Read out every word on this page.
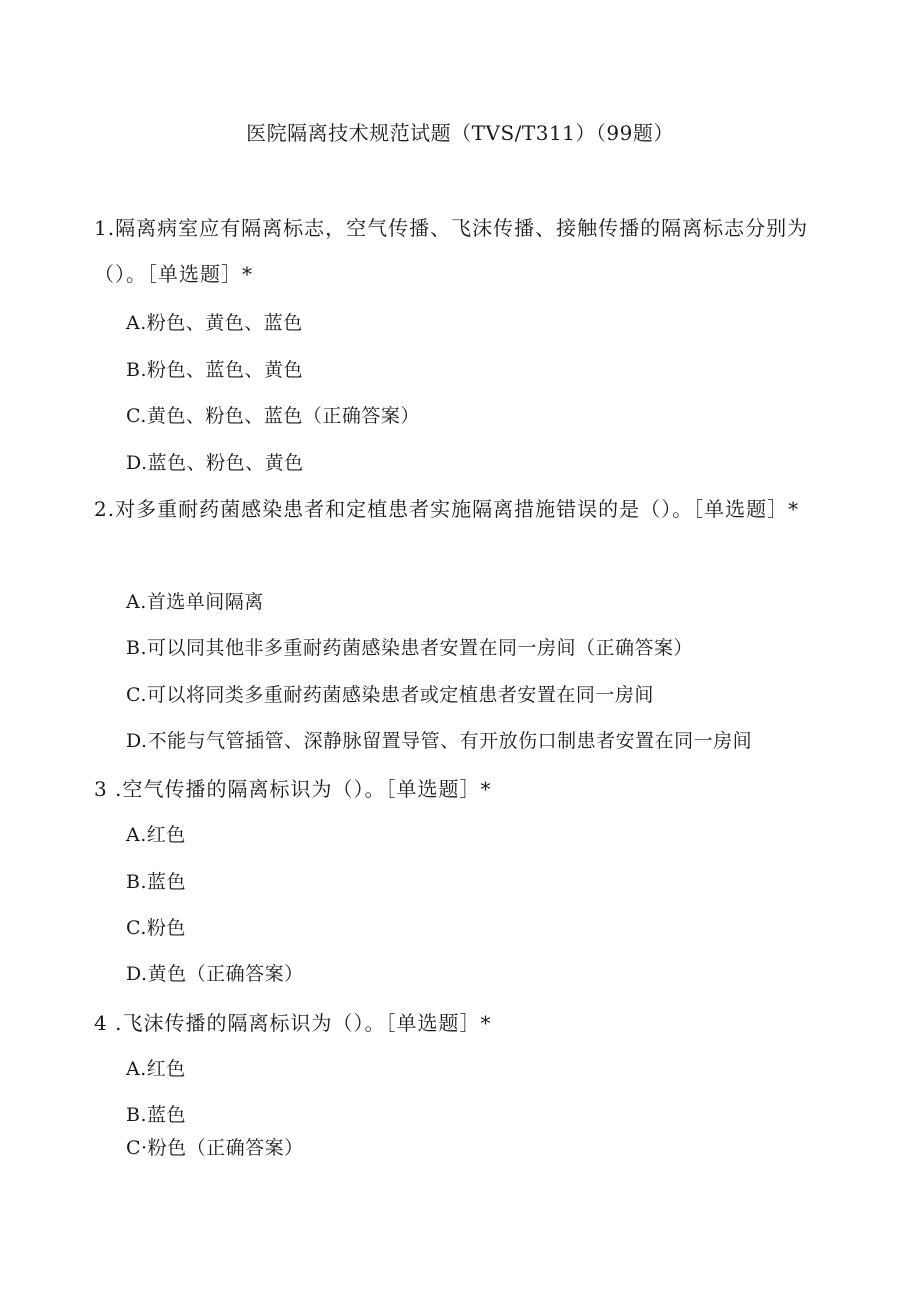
医院隔离技术规范试题（TVS/T311）（99题）
1.隔离病室应有隔离标志，空气传播、飞沫传播、接触传播的隔离标志分别为（）。［单选题］*
A.粉色、黄色、蓝色
B.粉色、蓝色、黄色
C.黄色、粉色、蓝色（正确答案）
D.蓝色、粉色、黄色
2.对多重耐药菌感染患者和定植患者实施隔离措施错误的是（）。［单选题］*
A.首选单间隔离
B.可以同其他非多重耐药菌感染患者安置在同一房间（正确答案）
C.可以将同类多重耐药菌感染患者或定植患者安置在同一房间
D.不能与气管插管、深静脉留置导管、有开放伤口制患者安置在同一房间
3 .空气传播的隔离标识为（）。［单选题］*
A.红色
B.蓝色
C.粉色
D.黄色（正确答案）
4 .飞沫传播的隔离标识为（）。［单选题］*
A.红色
B.蓝色
C·粉色（正确答案）
